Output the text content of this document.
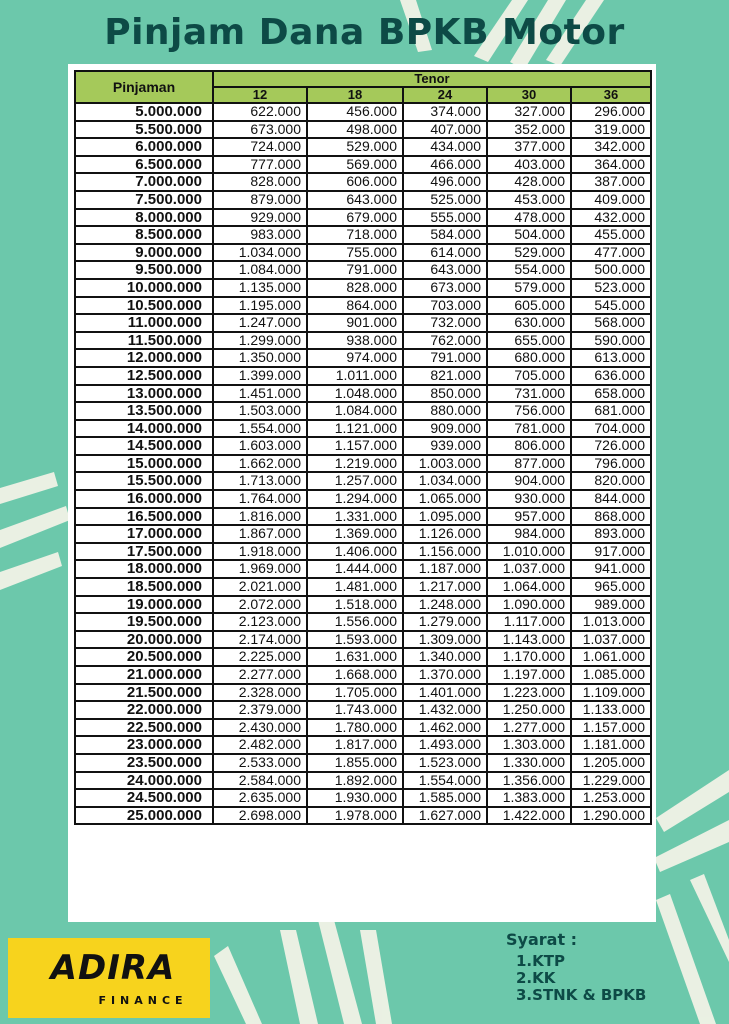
Pinjam Dana BPKB Motor
Pinjaman	Tenor				
	12	18	24	30	36
5.000.000	622.000	456.000	374.000	327.000	296.000
5.500.000	673.000	498.000	407.000	352.000	319.000
6.000.000	724.000	529.000	434.000	377.000	342.000
6.500.000	777.000	569.000	466.000	403.000	364.000
7.000.000	828.000	606.000	496.000	428.000	387.000
7.500.000	879.000	643.000	525.000	453.000	409.000
8.000.000	929.000	679.000	555.000	478.000	432.000
8.500.000	983.000	718.000	584.000	504.000	455.000
9.000.000	1.034.000	755.000	614.000	529.000	477.000
9.500.000	1.084.000	791.000	643.000	554.000	500.000
10.000.000	1.135.000	828.000	673.000	579.000	523.000
10.500.000	1.195.000	864.000	703.000	605.000	545.000
11.000.000	1.247.000	901.000	732.000	630.000	568.000
11.500.000	1.299.000	938.000	762.000	655.000	590.000
12.000.000	1.350.000	974.000	791.000	680.000	613.000
12.500.000	1.399.000	1.011.000	821.000	705.000	636.000
13.000.000	1.451.000	1.048.000	850.000	731.000	658.000
13.500.000	1.503.000	1.084.000	880.000	756.000	681.000
14.000.000	1.554.000	1.121.000	909.000	781.000	704.000
14.500.000	1.603.000	1.157.000	939.000	806.000	726.000
15.000.000	1.662.000	1.219.000	1.003.000	877.000	796.000
15.500.000	1.713.000	1.257.000	1.034.000	904.000	820.000
16.000.000	1.764.000	1.294.000	1.065.000	930.000	844.000
16.500.000	1.816.000	1.331.000	1.095.000	957.000	868.000
17.000.000	1.867.000	1.369.000	1.126.000	984.000	893.000
17.500.000	1.918.000	1.406.000	1.156.000	1.010.000	917.000
18.000.000	1.969.000	1.444.000	1.187.000	1.037.000	941.000
18.500.000	2.021.000	1.481.000	1.217.000	1.064.000	965.000
19.000.000	2.072.000	1.518.000	1.248.000	1.090.000	989.000
19.500.000	2.123.000	1.556.000	1.279.000	1.117.000	1.013.000
20.000.000	2.174.000	1.593.000	1.309.000	1.143.000	1.037.000
20.500.000	2.225.000	1.631.000	1.340.000	1.170.000	1.061.000
21.000.000	2.277.000	1.668.000	1.370.000	1.197.000	1.085.000
21.500.000	2.328.000	1.705.000	1.401.000	1.223.000	1.109.000
22.000.000	2.379.000	1.743.000	1.432.000	1.250.000	1.133.000
22.500.000	2.430.000	1.780.000	1.462.000	1.277.000	1.157.000
23.000.000	2.482.000	1.817.000	1.493.000	1.303.000	1.181.000
23.500.000	2.533.000	1.855.000	1.523.000	1.330.000	1.205.000
24.000.000	2.584.000	1.892.000	1.554.000	1.356.000	1.229.000
24.500.000	2.635.000	1.930.000	1.585.000	1.383.000	1.253.000
25.000.000	2.698.000	1.978.000	1.627.000	1.422.000	1.290.000
ADIRA
FINANCE
Syarat :
1.KTP
2.KK
3.STNK & BPKB
